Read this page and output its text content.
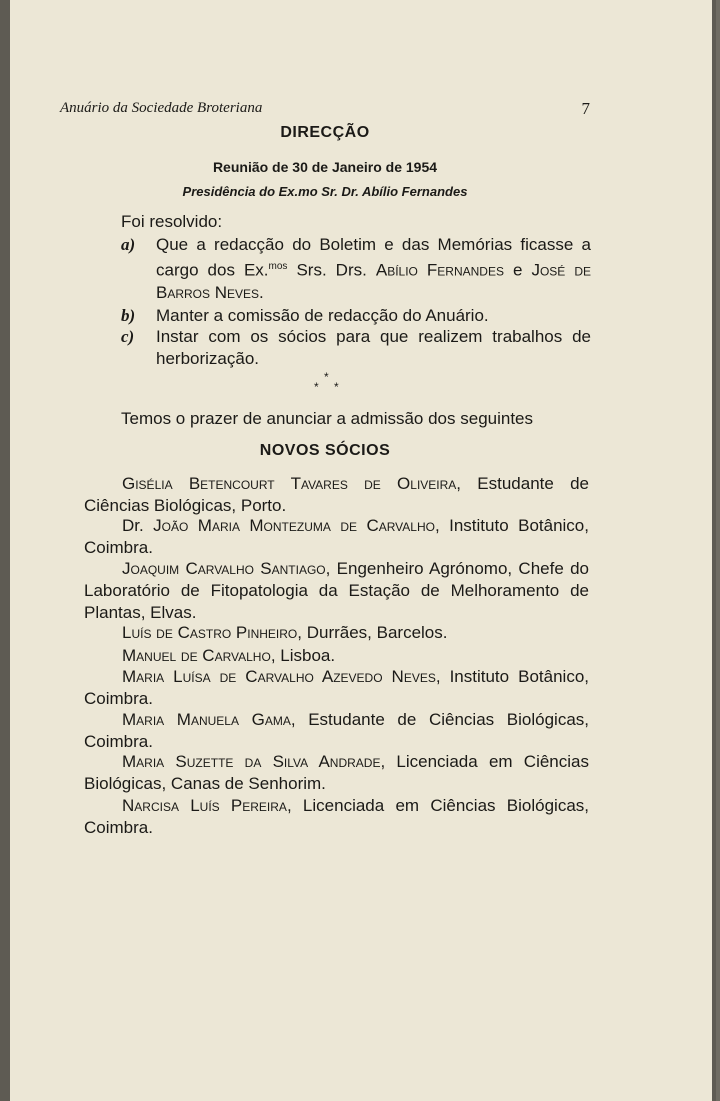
Anuário da Sociedade Broteriana	7
DIRECÇÃO
Reunião de 30 de Janeiro de 1954
Presidência do Ex.mo Sr. Dr. Abílio Fernandes
Foi resolvido:
a)	Que a redacção do Boletim e das Memórias ficasse a cargo dos Ex.$^{mos}$ Srs. Drs. Abílio Fernandes e José de Barros Neves.
b)	Manter a comissão de redacção do Anuário.
c)	Instar com os sócios para que realizem trabalhos de herborização.
*
* *
Temos o prazer de anunciar a admissão dos seguintes
NOVOS SÓCIOS
Gisélia Betencourt Tavares de Oliveira, Estudante de Ciências Biológicas, Porto.
Dr. João Maria Montezuma de Carvalho, Instituto Botânico, Coimbra.
Joaquim Carvalho Santiago, Engenheiro Agrónomo, Chefe do Laboratório de Fitopatologia da Estação de Melhoramento de Plantas, Elvas.
Luís de Castro Pinheiro, Durrães, Barcelos.
Manuel de Carvalho, Lisboa.
Maria Luísa de Carvalho Azevedo Neves, Instituto Botânico, Coimbra.
Maria Manuela Gama, Estudante de Ciências Biológicas, Coimbra.
Maria Suzette da Silva Andrade, Licenciada em Ciências Biológicas, Canas de Senhorim.
Narcisa Luís Pereira, Licenciada em Ciências Biológicas, Coimbra.
